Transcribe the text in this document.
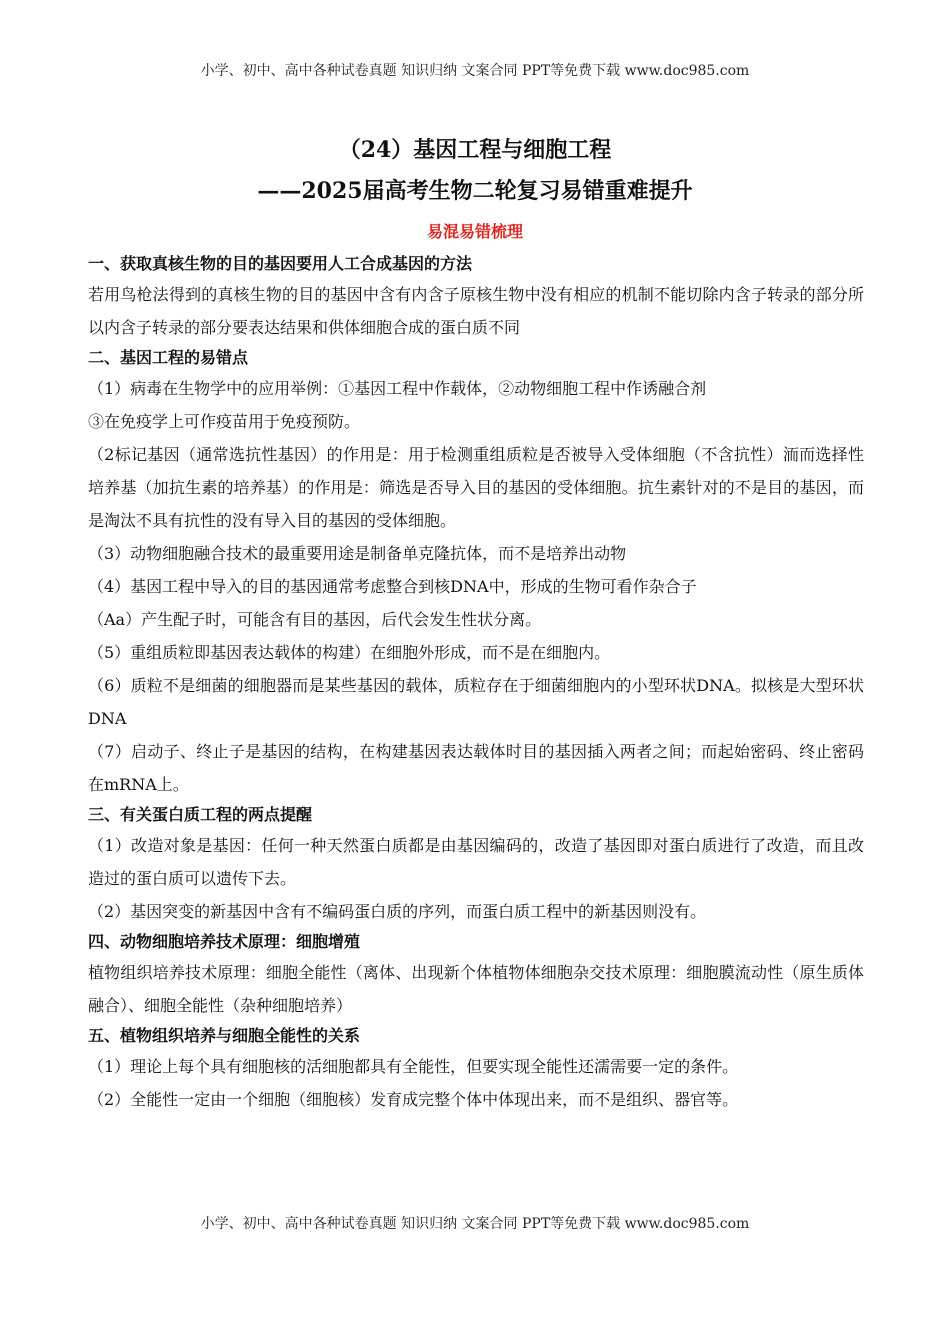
小学、初中、高中各种试卷真题 知识归纳 文案合同 PPT等免费下载 www.doc985.com
（24）基因工程与细胞工程
——2025届高考生物二轮复习易错重难提升
易混易错梳理
一、获取真核生物的目的基因要用人工合成基因的方法
若用鸟枪法得到的真核生物的目的基因中含有内含子原核生物中没有相应的机制不能切除内含子转录的部分所以内含子转录的部分要表达结果和供体细胞合成的蛋白质不同
二、基因工程的易错点
（1）病毒在生物学中的应用举例：①基因工程中作载体，②动物细胞工程中作诱融合剂
③在免疫学上可作疫苗用于免疫预防。
（2标记基因（通常选抗性基因）的作用是：用于检测重组质粒是否被导入受体细胞（不含抗性）洏而选择性培养基（加抗生素的培养基）的作用是：筛选是否导入目的基因的受体细胞。抗生素针对的不是目的基因，而是淘汰不具有抗性的没有导入目的基因的受体细胞。
（3）动物细胞融合技术的最重要用途是制备单克隆抗体，而不是培养出动物
（4）基因工程中导入的目的基因通常考虑整合到核DNA中，形成的生物可看作杂合子
（Aa）产生配子时，可能含有目的基因，后代会发生性状分离。
（5）重组质粒即基因表达载体的构建）在细胞外形成，而不是在细胞内。
（6）质粒不是细菌的细胞器而是某些基因的载体，质粒存在于细菌细胞内的小型环状DNA。拟核是大型环状DNA
（7）启动子、终止子是基因的结构，在构建基因表达载体时目的基因插入两者之间；而起始密码、终止密码在mRNA上。
三、有关蛋白质工程的两点提醒
（1）改造对象是基因：任何一种天然蛋白质都是由基因编码的，改造了基因即对蛋白质进行了改造，而且改造过的蛋白质可以遗传下去。
（2）基因突变的新基因中含有不编码蛋白质的序列，而蛋白质工程中的新基因则没有。
四、动物细胞培养技术原理：细胞增殖
植物组织培养技术原理：细胞全能性（离体、出现新个体植物体细胞杂交技术原理：细胞膜流动性（原生质体融合）、细胞全能性（杂种细胞培养）
五、植物组织培养与细胞全能性的关系
（1）理论上每个具有细胞核的活细胞都具有全能性，但要实现全能性还濡需要一定的条件。
（2）全能性一定由一个细胞（细胞核）发育成完整个体中体现出来，而不是组织、器官等。
小学、初中、高中各种试卷真题 知识归纳 文案合同 PPT等免费下载 www.doc985.com
